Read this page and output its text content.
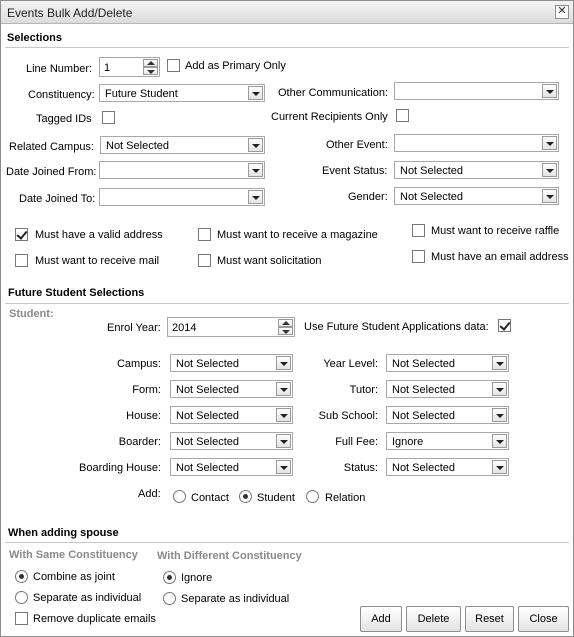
Events Bulk Add/Delete	✕
Selections
Line Number: 1	Add as Primary Only
Constituency: Future Student	Other Communication:
Tagged IDs	Current Recipients Only
Related Campus: Not Selected	Other Event:
Date Joined From:	Event Status: Not Selected
Date Joined To:	Gender: Not Selected
Must have a valid address	Must want to receive a magazine	Must want to receive raffle
Must want to receive mail	Must want solicitation	Must have an email address
Future Student Selections
Student:
Enrol Year: 2014	Use Future Student Applications data:
Campus: Not Selected	Year Level: Not Selected
Form: Not Selected	Tutor: Not Selected
House: Not Selected	Sub School: Not Selected
Boarder: Not Selected	Full Fee: Ignore
Boarding House: Not Selected	Status: Not Selected
Add:	Contact	Student	Relation
When adding spouse
With Same Constituency With Different Constituency
Combine as joint
Separate as individual
Ignore
Separate as individual
Remove duplicate emails	Add	Delete	Reset	Close
